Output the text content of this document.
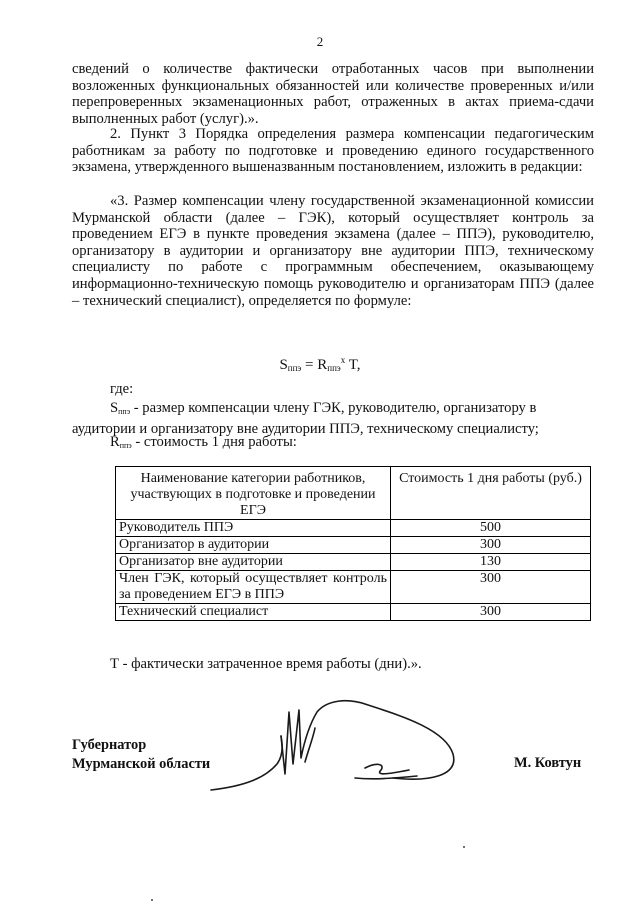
2

сведений о количестве фактически отработанных часов при выполнении возложенных функциональных обязанностей или количестве проверенных и/или перепроверенных экзаменационных работ, отраженных в актах приема-сдачи выполненных работ (услуг).».

2. Пункт 3 Порядка определения размера компенсации педагогическим работникам за работу по подготовке и проведению единого государственного экзамена, утвержденного вышеназванным постановлением, изложить в редакции:

«3. Размер компенсации члену государственной экзаменационной комиссии Мурманской области (далее – ГЭК), который осуществляет контроль за проведением ЕГЭ в пункте проведения экзамена (далее – ППЭ), руководителю, организатору в аудитории и организатору вне аудитории ППЭ, техническому специалисту по работе с программным обеспечением, оказывающему информационно-техническую помощь руководителю и организаторам ППЭ (далее – технический специалист), определяется по формуле:

$S_{ппэ} = R_{ппэ}^x$ T,
где:
$S_{ппэ}$ - размер компенсации члену ГЭК, руководителю, организатору в аудитории и организатору вне аудитории ППЭ, техническому специалисту;
$R_{ппэ}$ - стоимость 1 дня работы:
Наименование категории работников, участвующих в подготовке и проведении ЕГЭ	Стоимость 1 дня работы (руб.)
Руководитель ППЭ	500
Организатор в аудитории	300
Организатор вне аудитории	130
Член ГЭК, который осуществляет контроль за проведением ЕГЭ в ППЭ	300
Технический специалист	300
Т - фактически затраченное время работы (дни).».
Губернатор
Мурманской области	М. Ковтун
